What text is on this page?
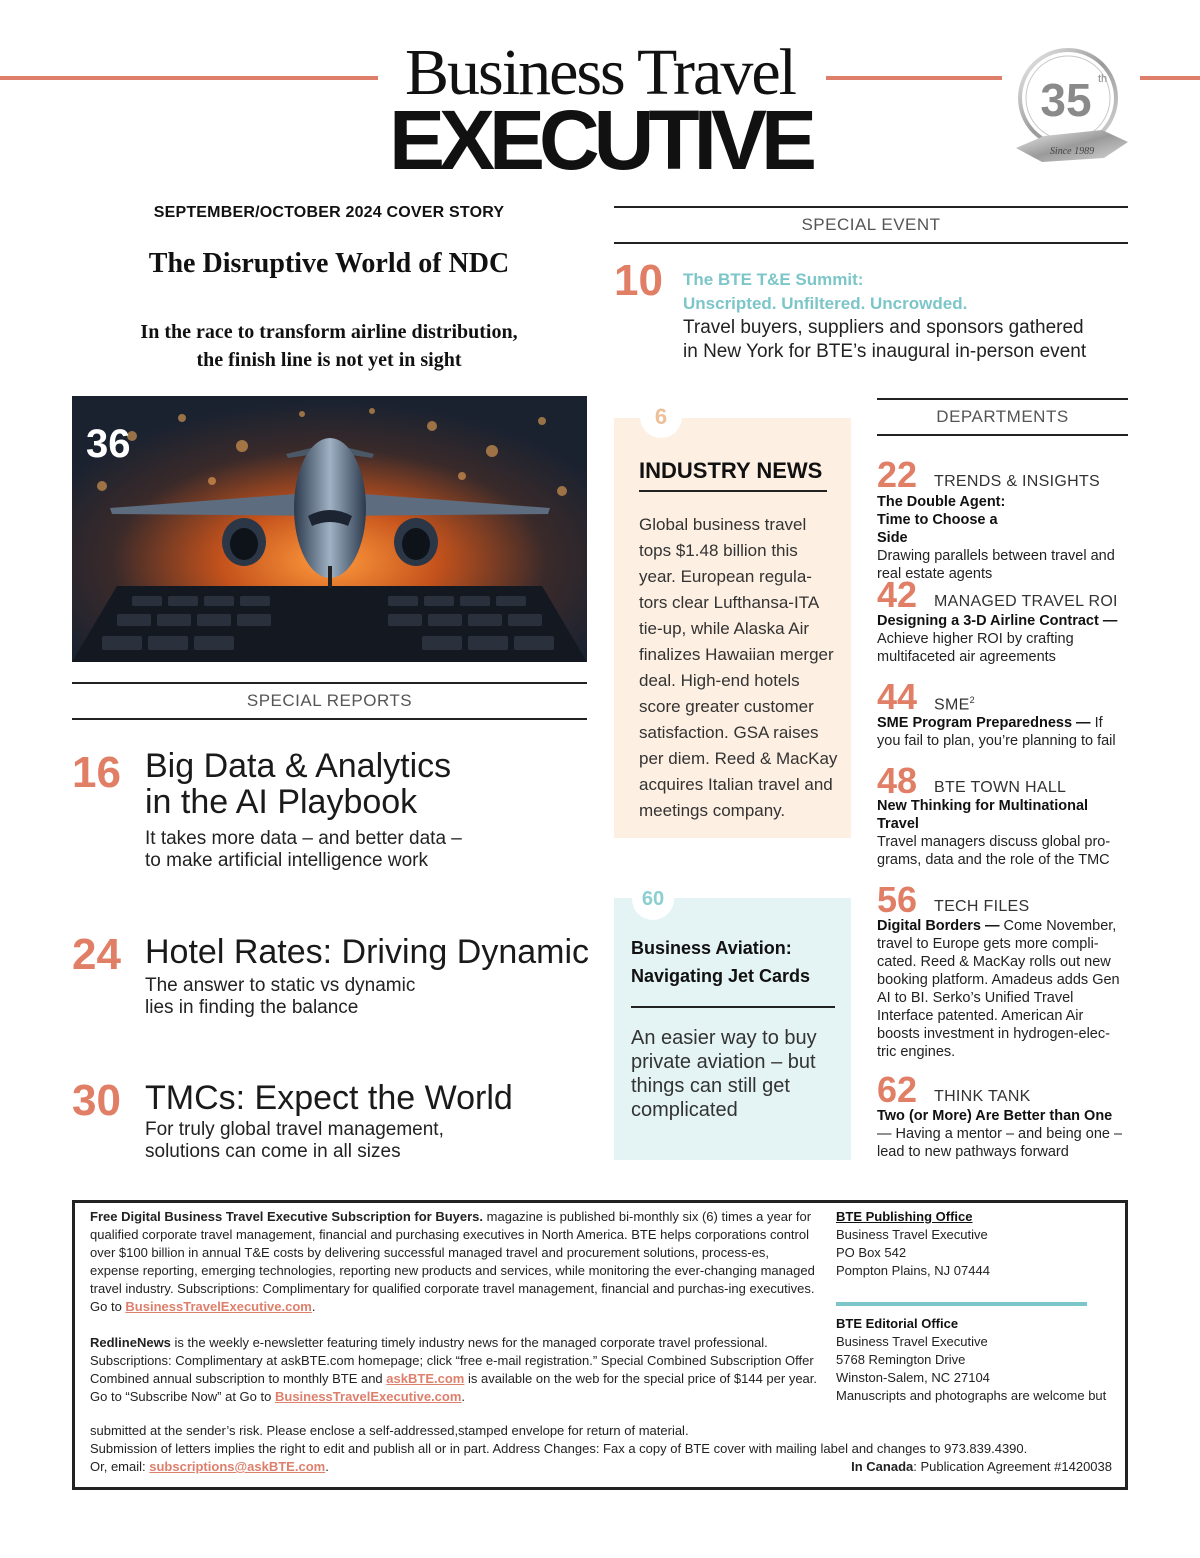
Business Travel
EXECUTIVE	35 th
Since 1989
SEPTEMBER/OCTOBER 2024 COVER STORY
The Disruptive World of NDC
In the race to transform airline distribution,
the finish line is not yet in sight
36
SPECIAL REPORTS
16 Big Data & Analytics
in the AI Playbook
It takes more data – and better data –
to make artificial intelligence work
24 Hotel Rates: Driving Dynamic
The answer to static vs dynamic
lies in finding the balance
30 TMCs: Expect the World
For truly global travel management,
solutions can come in all sizes
SPECIAL EVENT
10 The BTE T&E Summit:
Unscripted. Unfiltered. Uncrowded.
Travel buyers, suppliers and sponsors gathered
in New York for BTE’s inaugural in-person event
6
INDUSTRY NEWS
Global business travel tops $1.48 billion this year. European regula-tors clear Lufthansa-ITA tie-up, while Alaska Air finalizes Hawaiian merger deal. High-end hotels score greater customer satisfaction. GSA raises per diem. Reed & MacKay acquires Italian travel and meetings company.
60
Business Aviation: Navigating Jet Cards
An easier way to buy private aviation – but things can still get complicated
DEPARTMENTS
22 TRENDS & INSIGHTS
The Double Agent: Time to Choose a Side
Drawing parallels between travel and real estate agents
42 MANAGED TRAVEL ROI
Designing a 3-D Airline Contract —
Achieve higher ROI by crafting multifaceted air agreements
44 SME$^2$
SME Program Preparedness — If you fail to plan, you’re planning to fail
48 BTE TOWN HALL
New Thinking for Multinational Travel
Travel managers discuss global pro-grams, data and the role of the TMC
56 TECH FILES
Digital Borders — Come November, travel to Europe gets more compli-cated. Reed & MacKay rolls out new booking platform. Amadeus adds Gen AI to BI. Serko’s Unified Travel Interface patented. American Air boosts investment in hydrogen-elec-tric engines.
62 THINK TANK
Two (or More) Are Better than One
— Having a mentor – and being one – lead to new pathways forward
Free Digital Business Travel Executive Subscription for Buyers. magazine is published bi-monthly six (6) times a year for qualified corporate travel management, financial and purchasing executives in North America. BTE helps corporations control over $100 billion in annual T&E costs by delivering successful managed travel and procurement solutions, process-es, expense reporting, emerging technologies, reporting new products and services, while monitoring the ever-changing managed travel industry. Subscriptions: Complimentary for qualified corporate travel management, financial and purchas-ing executives. Go to BusinessTravelExecutive.com.
RedlineNews is the weekly e-newsletter featuring timely industry news for the managed corporate travel professional. Subscriptions: Complimentary at askBTE.com homepage; click “free e-mail registration.” Special Combined Subscription Offer Combined annual subscription to monthly BTE and askBTE.com is available on the web for the special price of $144 per year. Go to “Subscribe Now” at Go to BusinessTravelExecutive.com.
submitted at the sender’s risk. Please enclose a self-addressed,stamped envelope for return of material.
Submission of letters implies the right to edit and publish all or in part. Address Changes: Fax a copy of BTE cover with mailing label and changes to 973.839.4390.
Or, email: subscriptions@askBTE.com.	In Canada: Publication Agreement #1420038
BTE Publishing Office
Business Travel Executive
PO Box 542
Pompton Plains, NJ 07444
BTE Editorial Office
Business Travel Executive
5768 Remington Drive
Winston-Salem, NC 27104
Manuscripts and photographs are welcome but
